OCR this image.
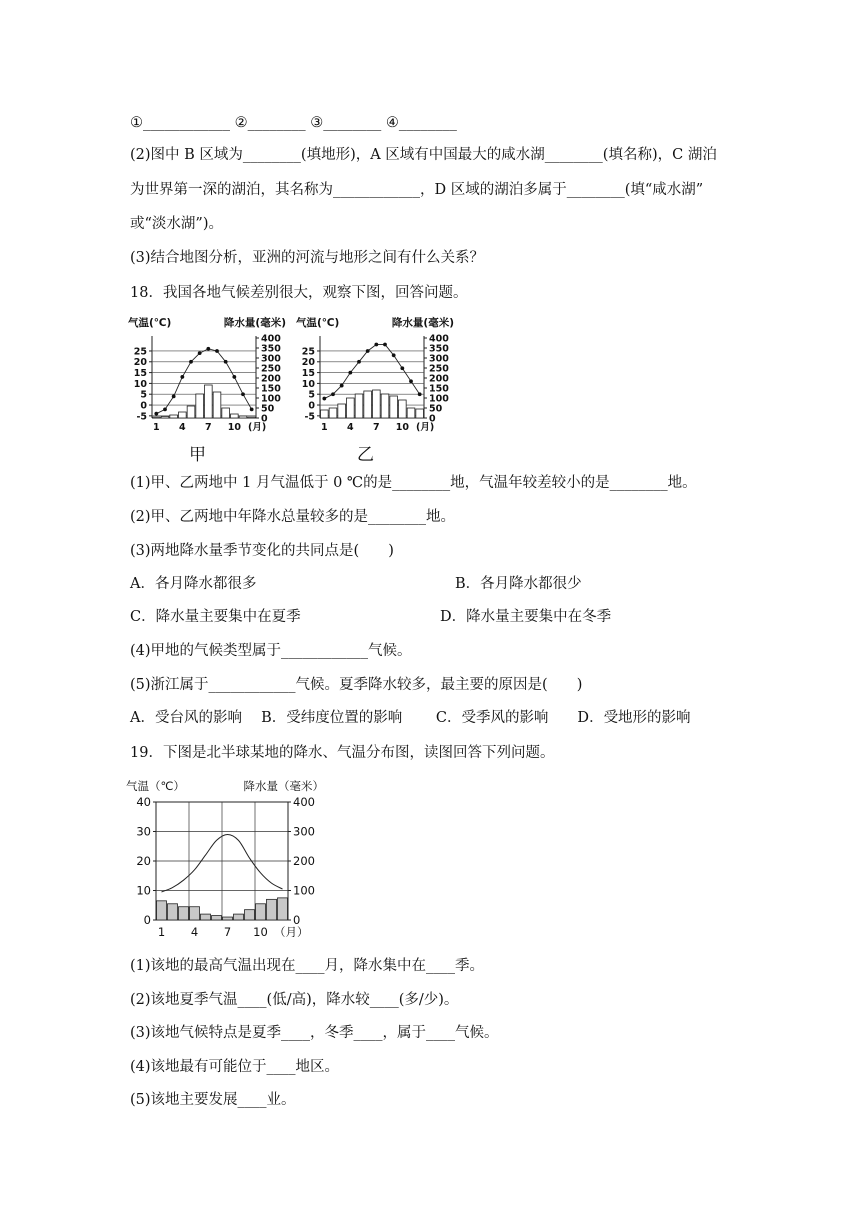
①____________ ②________ ③________ ④________
(2)图中 B 区域为________(填地形)，A 区域有中国最大的咸水湖________(填名称)，C 湖泊
为世界第一深的湖泊，其名称为____________，D 区域的湖泊多属于________(填“咸水湖”
或“淡水湖”)。
(3)结合地图分析，亚洲的河流与地形之间有什么关系？
18．我国各地气候差别很大，观察下图，回答问题。
气温(℃)	降水量(毫米)
-5
0
5
10
15
20
25
0
50
100
150
200
250
300
350
400
1 4 7 10 (月)
气温(℃)	降水量(毫米)
-5
0
5
10
15
20
25
0
50
100
150
200
250
300
350
400
1 4 7 10 (月)
甲	乙
(1)甲、乙两地中 1 月气温低于 0 ℃的是________地，气温年较差较小的是________地。
(2)甲、乙两地中年降水总量较多的是________地。
(3)两地降水量季节变化的共同点是(　　)
A．各月降水都很多	B．各月降水都很少
C．降水量主要集中在夏季	D．降水量主要集中在冬季
(4)甲地的气候类型属于____________气候。
(5)浙江属于____________气候。夏季降水较多，最主要的原因是(　　)
A．受台风的影响　 B．受纬度位置的影响　　 C．受季风的影响　　D．受地形的影响
19．下图是北半球某地的降水、气温分布图，读图回答下列问题。
气温（℃）	降水量（毫米）
0
10
20
30
40
0
100
200
300
400
1 4 7 10 （月）
(1)该地的最高气温出现在____月，降水集中在____季。
(2)该地夏季气温____(低/高)，降水较____(多/少)。
(3)该地气候特点是夏季____，冬季____，属于____气候。
(4)该地最有可能位于____地区。
(5)该地主要发展____业。
